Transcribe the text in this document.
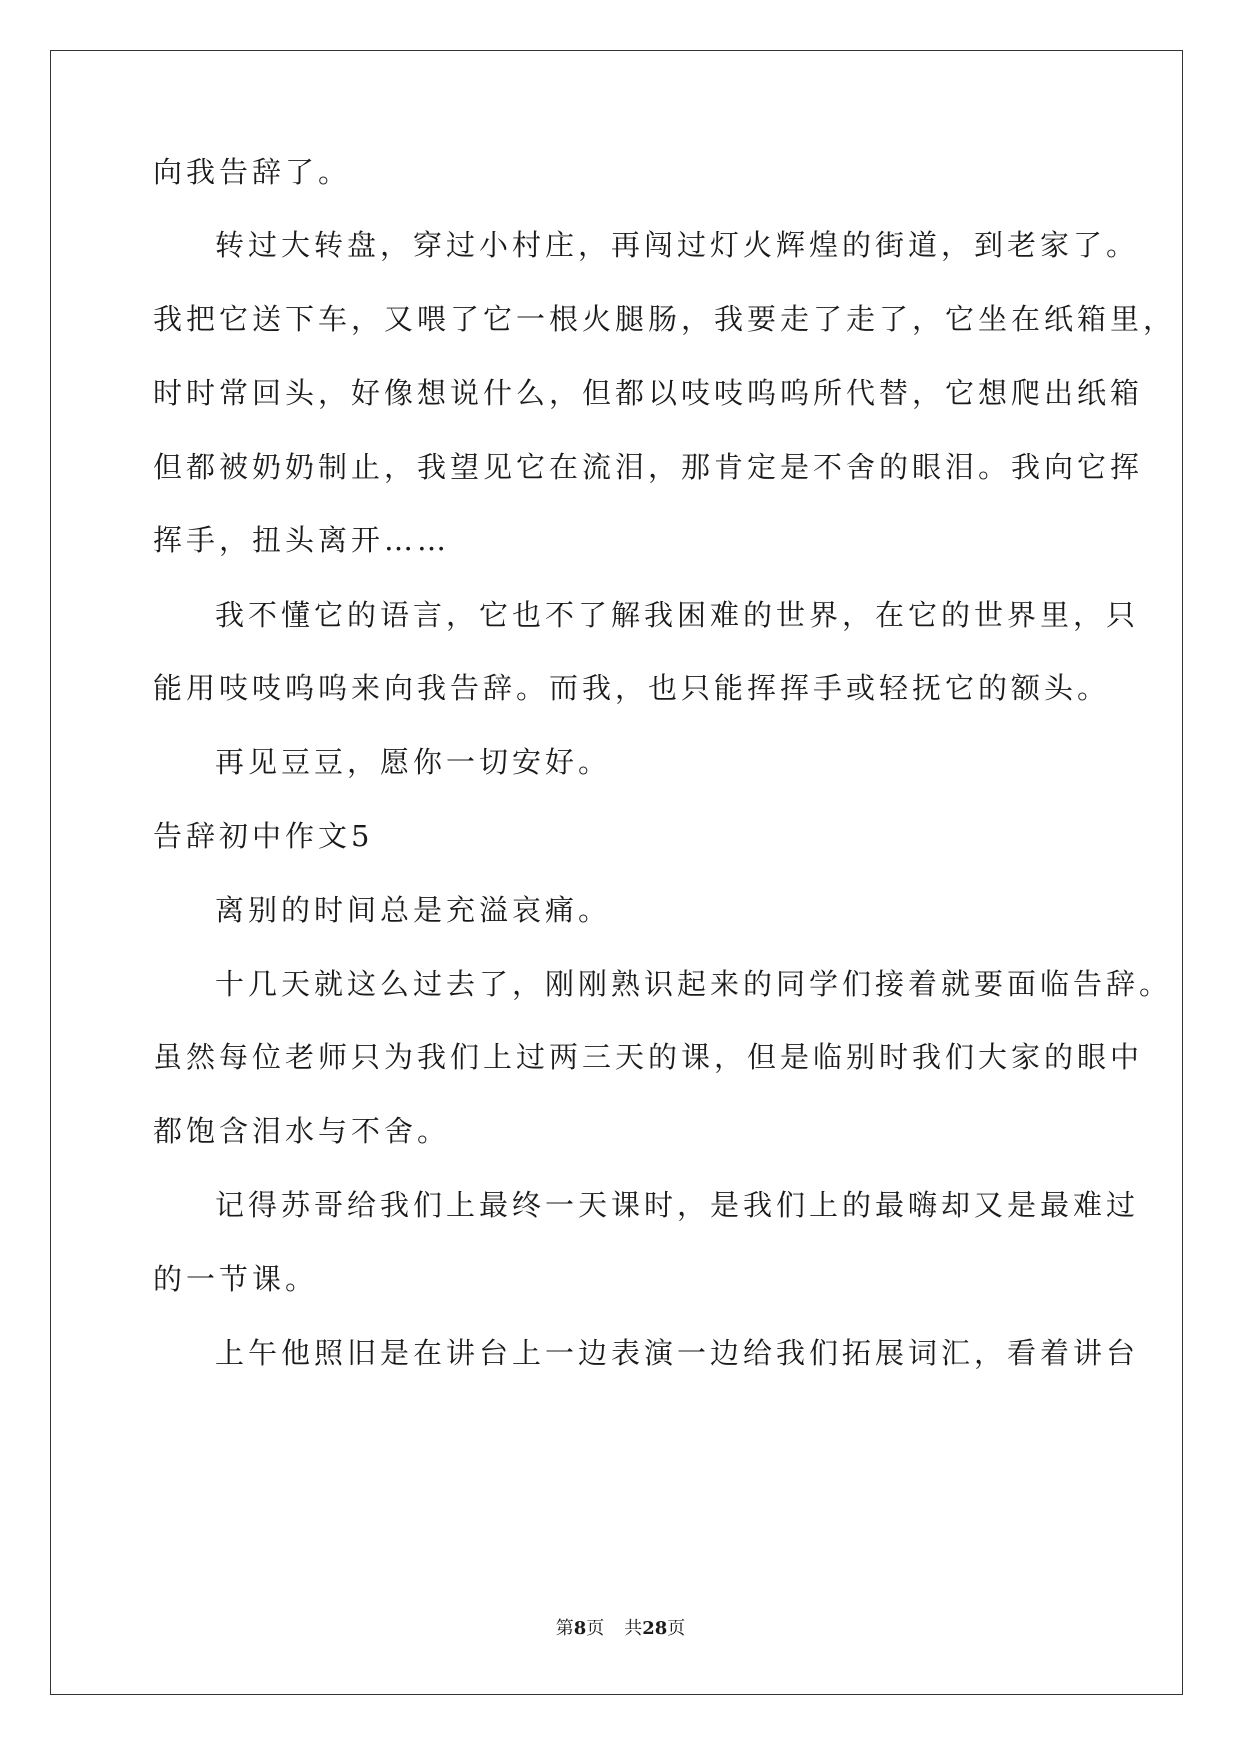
向我告辞了。
转过大转盘，穿过小村庄，再闯过灯火辉煌的街道，到老家了。
我把它送下车，又喂了它一根火腿肠，我要走了走了，它坐在纸箱里，
时时常回头，好像想说什么，但都以吱吱呜呜所代替，它想爬出纸箱
但都被奶奶制止，我望见它在流泪，那肯定是不舍的眼泪。我向它挥
挥手，扭头离开……
我不懂它的语言，它也不了解我困难的世界，在它的世界里，只
能用吱吱呜呜来向我告辞。而我，也只能挥挥手或轻抚它的额头。
再见豆豆，愿你一切安好。
告辞初中作文5
离别的时间总是充溢哀痛。
十几天就这么过去了，刚刚熟识起来的同学们接着就要面临告辞。
虽然每位老师只为我们上过两三天的课，但是临别时我们大家的眼中
都饱含泪水与不舍。
记得苏哥给我们上最终一天课时，是我们上的最嗨却又是最难过
的一节课。
上午他照旧是在讲台上一边表演一边给我们拓展词汇，看着讲台
第8页 共28页
